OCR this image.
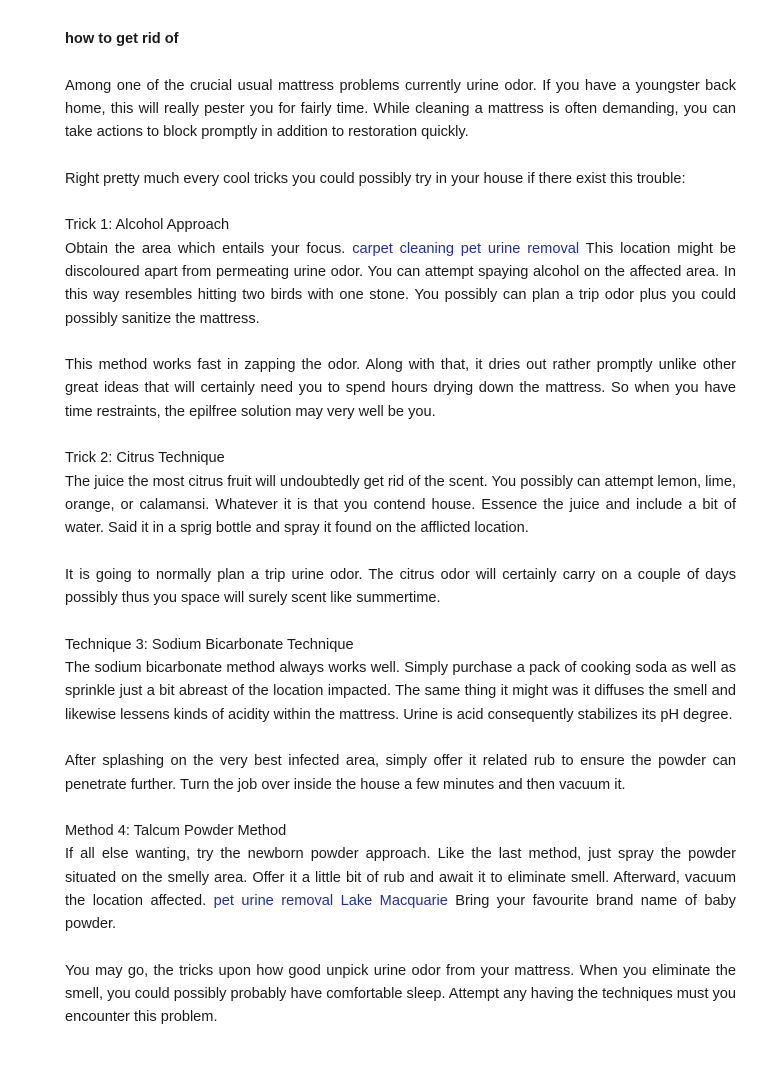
how to get rid of

Among one of the crucial usual mattress problems currently urine odor. If you have a youngster back home, this will really pester you for fairly time. While cleaning a mattress is often demanding, you can take actions to block promptly in addition to restoration quickly.

Right pretty much every cool tricks you could possibly try in your house if there exist this trouble:

Trick 1: Alcohol Approach
Obtain the area which entails your focus. carpet cleaning pet urine removal This location might be discoloured apart from permeating urine odor. You can attempt spaying alcohol on the affected area. In this way resembles hitting two birds with one stone. You possibly can plan a trip odor plus you could possibly sanitize the mattress.

This method works fast in zapping the odor. Along with that, it dries out rather promptly unlike other great ideas that will certainly need you to spend hours drying down the mattress. So when you have time restraints, the epilfree solution may very well be you.

Trick 2: Citrus Technique
The juice the most citrus fruit will undoubtedly get rid of the scent. You possibly can attempt lemon, lime, orange, or calamansi. Whatever it is that you contend house. Essence the juice and include a bit of water. Said it in a sprig bottle and spray it found on the afflicted location.

It is going to normally plan a trip urine odor. The citrus odor will certainly carry on a couple of days possibly thus you space will surely scent like summertime.

Technique 3: Sodium Bicarbonate Technique
The sodium bicarbonate method always works well. Simply purchase a pack of cooking soda as well as sprinkle just a bit abreast of the location impacted. The same thing it might was it diffuses the smell and likewise lessens kinds of acidity within the mattress. Urine is acid consequently stabilizes its pH degree.

After splashing on the very best infected area, simply offer it related rub to ensure the powder can penetrate further. Turn the job over inside the house a few minutes and then vacuum it.

Method 4: Talcum Powder Method
If all else wanting, try the newborn powder approach. Like the last method, just spray the powder situated on the smelly area. Offer it a little bit of rub and await it to eliminate smell. Afterward, vacuum the location affected. pet urine removal Lake Macquarie Bring your favourite brand name of baby powder.

You may go, the tricks upon how good unpick urine odor from your mattress. When you eliminate the smell, you could possibly probably have comfortable sleep. Attempt any having the techniques must you encounter this problem.
